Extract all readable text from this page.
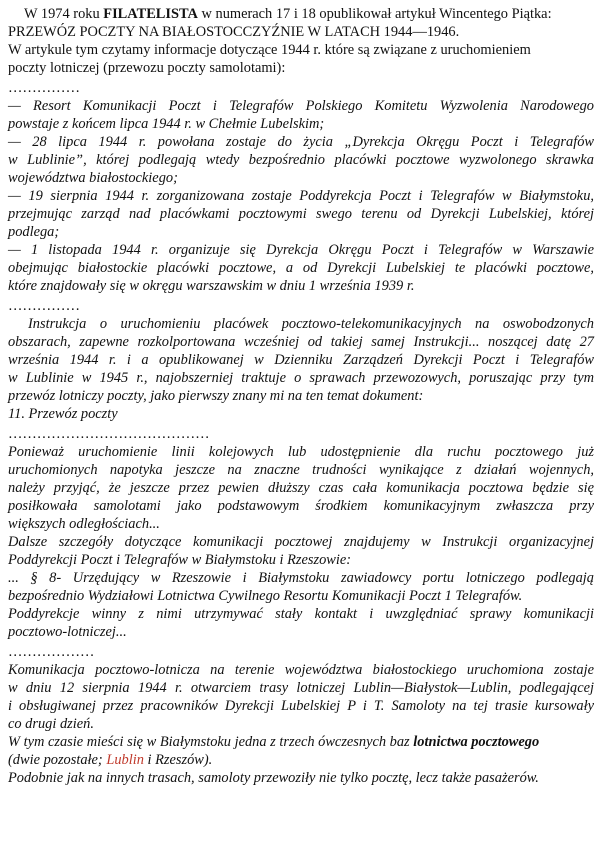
W 1974 roku FILATELISTA w numerach 17 i 18 opublikował artykuł Wincentego Piątka:

PRZEWÓZ POCZTY NA BIAŁOSTOCCZYŹNIE W LATACH 1944—1946.

W artykule tym czytamy informacje dotyczące 1944 r. które są związane z uruchomieniem

poczty lotniczej (przewozu poczty samolotami):

……………

— Resort Komunikacji Poczt i Telegrafów Polskiego Komitetu Wyzwolenia Narodowego

powstaje z końcem lipca 1944 r. w Chełmie Lubelskim;

— 28 lipca 1944 r. powołana zostaje do życia „Dyrekcja Okręgu Poczt i Telegrafów

w Lublinie”, której podlegają wtedy bezpośrednio placówki pocztowe wyzwolonego skrawka

województwa białostockiego;

— 19 sierpnia 1944 r. zorganizowana zostaje Poddyrekcja Poczt i Telegrafów w Białymstoku,

przejmując zarząd nad placówkami pocztowymi swego terenu od Dyrekcji Lubelskiej, której

podlega;

— 1 listopada 1944 r. organizuje się Dyrekcja Okręgu Poczt i Telegrafów w Warszawie

obejmując białostockie placówki pocztowe, a od Dyrekcji Lubelskiej te placówki pocztowe,

które znajdowały się w okręgu warszawskim w dniu 1 września 1939 r.

……………

Instrukcja o uruchomieniu placówek pocztowo-telekomunikacyjnych na oswobodzonych

obszarach, zapewne rozkolportowana wcześniej od takiej samej Instrukcji... noszącej datę 27

września 1944 r. i a opublikowanej w Dzienniku Zarządzeń Dyrekcji Poczt i Telegrafów

w Lublinie w 1945 r., najobszerniej traktuje o sprawach przewozowych, poruszając przy tym

przewóz lotniczy poczty, jako pierwszy znany mi na ten temat dokument:

11. Przewóz poczty

……………………………………

Ponieważ uruchomienie linii kolejowych lub udostępnienie dla ruchu pocztowego już

uruchomionych napotyka jeszcze na znaczne trudności wynikające z działań wojennych,

należy przyjąć, że jeszcze przez pewien dłuższy czas cała komunikacja pocztowa będzie się

posiłkowała samolotami jako podstawowym środkiem komunikacyjnym zwłaszcza przy

większych odległościach...

Dalsze szczegóły dotyczące komunikacji pocztowej znajdujemy w Instrukcji organizacyjnej

Poddyrekcji Poczt i Telegrafów w Białymstoku i Rzeszowie:

... § 8- Urzędujący w Rzeszowie i Białymstoku zawiadowcy portu lotniczego podlegają

bezpośrednio Wydziałowi Lotnictwa Cywilnego Resortu Komunikacji Poczt 1 Telegrafów.

Poddyrekcje winny z nimi utrzymywać stały kontakt i uwzględniać sprawy komunikacji

pocztowo-lotniczej...

………………

Komunikacja pocztowo-lotnicza na terenie województwa białostockiego uruchomiona zostaje

w dniu 12 sierpnia 1944 r. otwarciem trasy lotniczej Lublin—Białystok—Lublin, podlegającej

i obsługiwanej przez pracowników Dyrekcji Lubelskiej P i T. Samoloty na tej trasie kursowały

co drugi dzień.

W tym czasie mieści się w Białymstoku jedna z trzech ówczesnych baz lotnictwa pocztowego

(dwie pozostałe; Lublin i Rzeszów).

Podobnie jak na innych trasach, samoloty przewoziły nie tylko pocztę, lecz także pasażerów.
